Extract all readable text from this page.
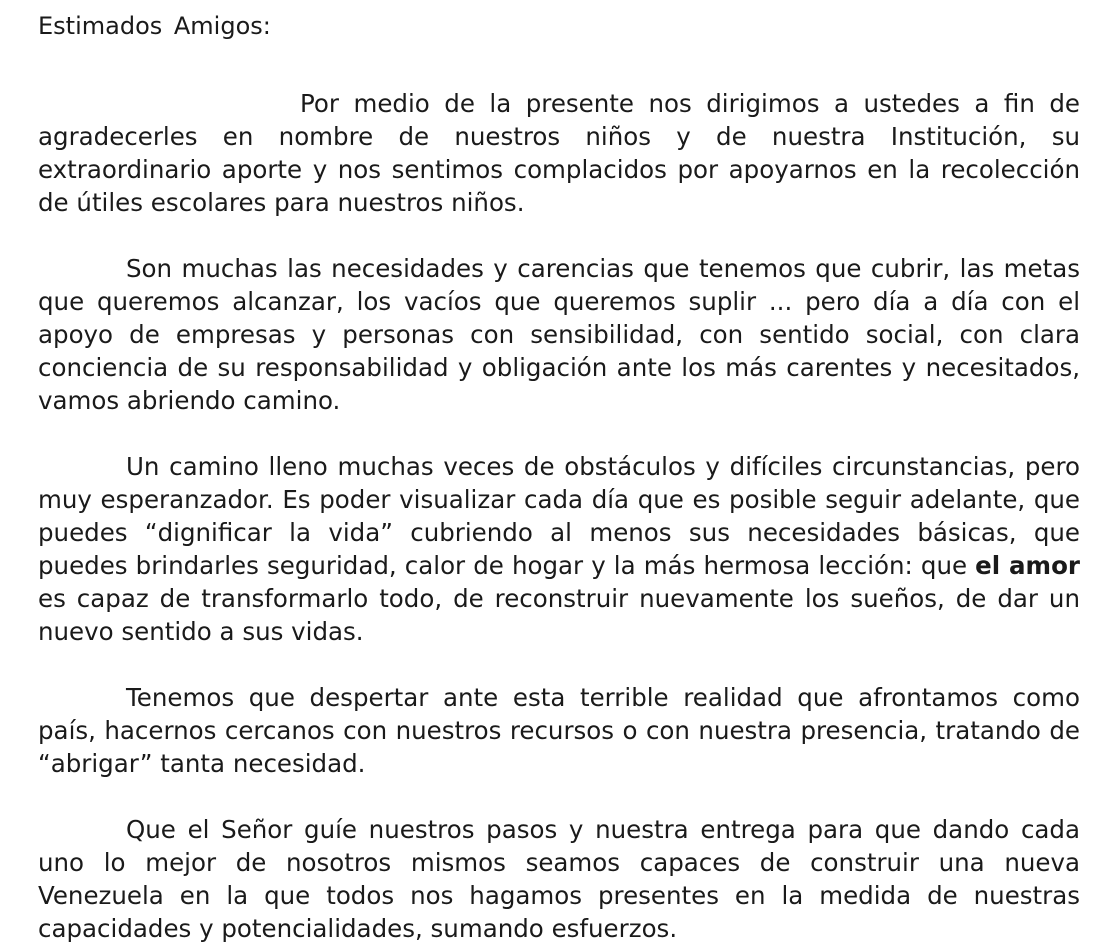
Estimados Amigos:

Por medio de la presente nos dirigimos a ustedes a fin de agradecerles en nombre de nuestros niños y de nuestra Institución, su extraordinario aporte y nos sentimos complacidos por apoyarnos en la recolección de útiles escolares para nuestros niños.

Son muchas las necesidades y carencias que tenemos que cubrir, las metas que queremos alcanzar, los vacíos que queremos suplir ... pero día a día con el apoyo de empresas y personas con sensibilidad, con sentido social, con clara conciencia de su responsabilidad y obligación ante los más carentes y necesitados, vamos abriendo camino.

Un camino lleno muchas veces de obstáculos y difíciles circunstancias, pero muy esperanzador. Es poder visualizar cada día que es posible seguir adelante, que puedes “dignificar la vida” cubriendo al menos sus necesidades básicas, que puedes brindarles seguridad, calor de hogar y la más hermosa lección: que el amor es capaz de transformarlo todo, de reconstruir nuevamente los sueños, de dar un nuevo sentido a sus vidas.

Tenemos que despertar ante esta terrible realidad que afrontamos como país, hacernos cercanos con nuestros recursos o con nuestra presencia, tratando de “abrigar” tanta necesidad.

Que el Señor guíe nuestros pasos y nuestra entrega para que dando cada uno lo mejor de nosotros mismos seamos capaces de construir una nueva Venezuela en la que todos nos hagamos presentes en la medida de nuestras capacidades y potencialidades, sumando esfuerzos.
